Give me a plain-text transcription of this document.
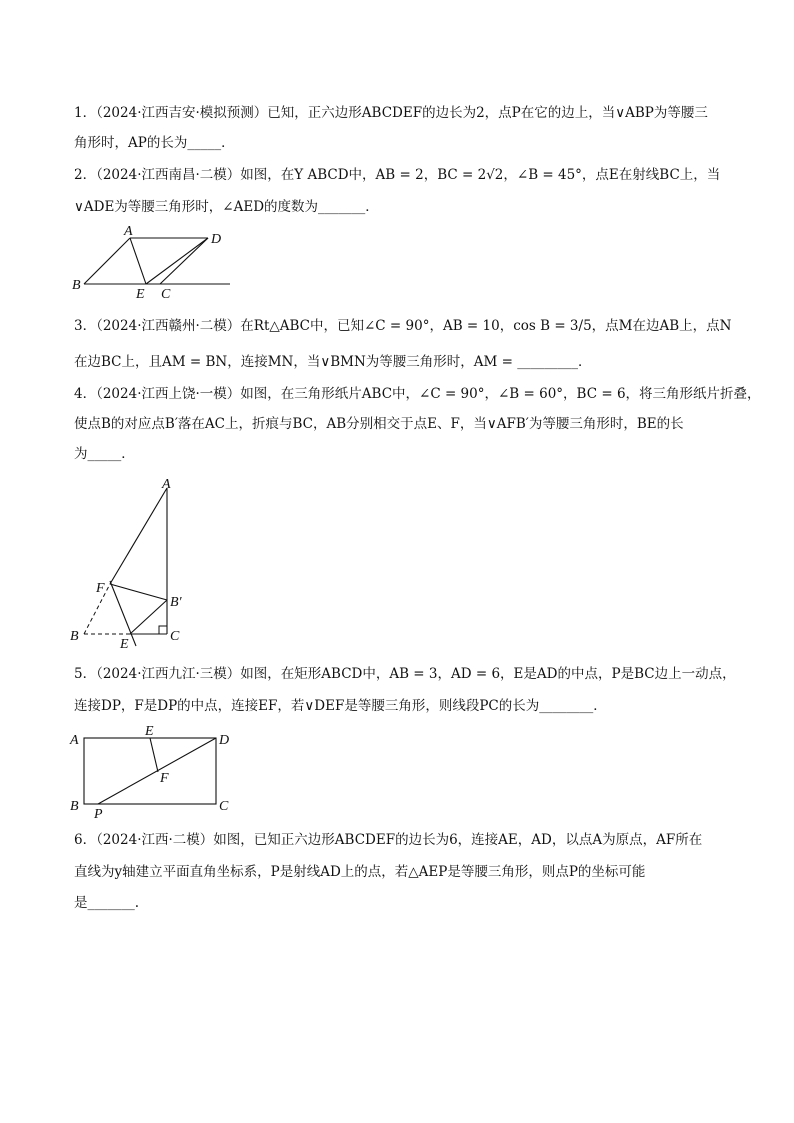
1．（2024·江西吉安·模拟预测）已知，正六边形ABCDEF的边长为2，点P在它的边上，当∨ABP为等腰三
角形时，AP的长为_____．
2．（2024·江西南昌·二模）如图，在Y ABCD中，AB = 2，BC = 2√2，∠B = 45°，点E在射线BC上，当
∨ADE为等腰三角形时，∠AED的度数为_______．
A
D
B
E C
3．（2024·江西赣州·二模）在Rt△ABC中，已知∠C = 90°，AB = 10，cos B = 3/5，点M在边AB上，点N
在边BC上，且AM = BN，连接MN，当∨BMN为等腰三角形时，AM = _________．
4．（2024·江西上饶·一模）如图，在三角形纸片ABC中，∠C = 90°，∠B = 60°，BC = 6，将三角形纸片折叠，
使点B的对应点B′落在AC上，折痕与BC，AB分别相交于点E、F，当∨AFB′为等腰三角形时，BE的长
为_____．
A
F
B′
B
E
C
5．（2024·江西九江·三模）如图，在矩形ABCD中，AB = 3，AD = 6，E是AD的中点，P是BC边上一动点，
连接DP，F是DP的中点，连接EF，若∨DEF是等腰三角形，则线段PC的长为________．
A
E
D
F
B
P
C
6．（2024·江西·二模）如图，已知正六边形ABCDEF的边长为6，连接AE，AD，以点A为原点，AF所在
直线为y轴建立平面直角坐标系，P是射线AD上的点，若△AEP是等腰三角形，则点P的坐标可能
是_______.
